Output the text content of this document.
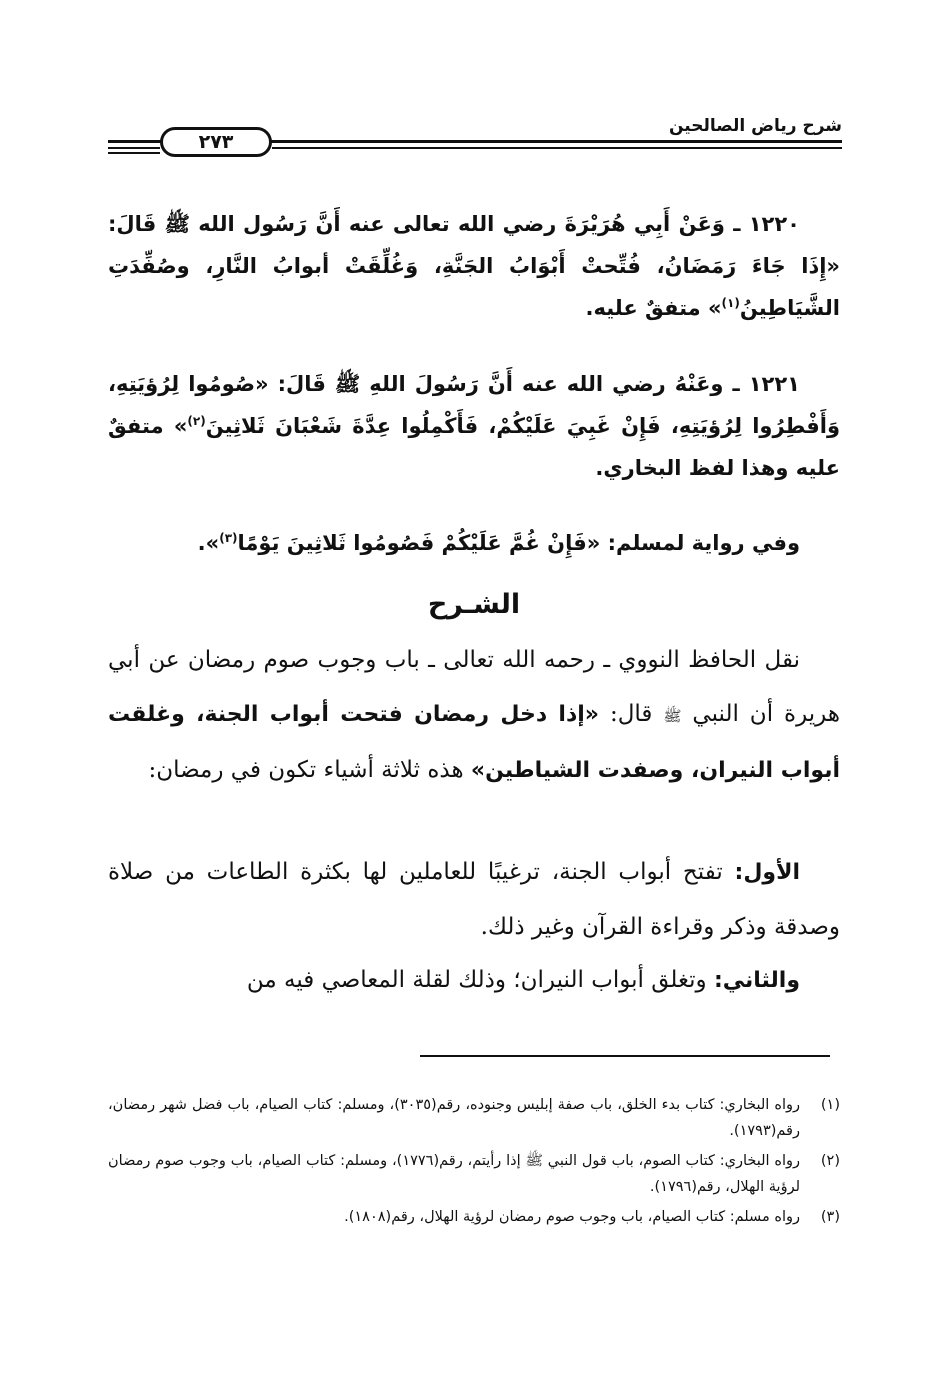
شرح رياض الصالحين
٢٧٣
١٢٢٠ ـ وَعَنْ أَبِي هُرَيْرَةَ رضي الله تعالى عنه أَنَّ رَسُول الله ﷺ قَالَ: «إِذَا جَاءَ رَمَضَانُ، فُتِّحتْ أَبْوَابُ الجَنَّةِ، وَغُلِّقَتْ أبوابُ النَّارِ، وصُفِّدَتِ الشَّيَاطِينُ$^{(١)}$» متفقٌ عليه.
١٢٢١ ـ وعَنْهُ رضي الله عنه أَنَّ رَسُولَ اللهِ ﷺ قَالَ: «صُومُوا لِرُؤيَتِهِ، وَأَفْطِرُوا لِرُؤيَتِهِ، فَإِنْ غَبِيَ عَلَيْكُمْ، فَأَكْمِلُوا عِدَّةَ شَعْبَانَ ثَلاثِينَ$^{(٢)}$» متفقٌ عليه وهذا لفظ البخاري.
وفي رواية لمسلم: «فَإِنْ غُمَّ عَلَيْكُمْ فَصُومُوا ثَلاثِينَ يَوْمًا$^{(٣)}$».
الشـرح
نقل الحافظ النووي ـ رحمه الله تعالى ـ باب وجوب صوم رمضان عن أبي هريرة أن النبي ﷺ قال: «إذا دخل رمضان فتحت أبواب الجنة، وغلقت أبواب النيران، وصفدت الشياطين» هذه ثلاثة أشياء تكون في رمضان:
الأول: تفتح أبواب الجنة، ترغيبًا للعاملين لها بكثرة الطاعات من صلاة وصدقة وذكر وقراءة القرآن وغير ذلك.
والثاني: وتغلق أبواب النيران؛ وذلك لقلة المعاصي فيه من
(١)
رواه البخاري: كتاب بدء الخلق، باب صفة إبليس وجنوده، رقم(٣٠٣٥)، ومسلم: كتاب الصيام، باب فضل شهر رمضان، رقم(١٧٩٣).
(٢)
رواه البخاري: كتاب الصوم، باب قول النبي ﷺ إذا رأيتم، رقم(١٧٧٦)، ومسلم: كتاب الصيام، باب وجوب صوم رمضان لرؤية الهلال، رقم(١٧٩٦).
(٣)
رواه مسلم: كتاب الصيام، باب وجوب صوم رمضان لرؤية الهلال، رقم(١٨٠٨).
